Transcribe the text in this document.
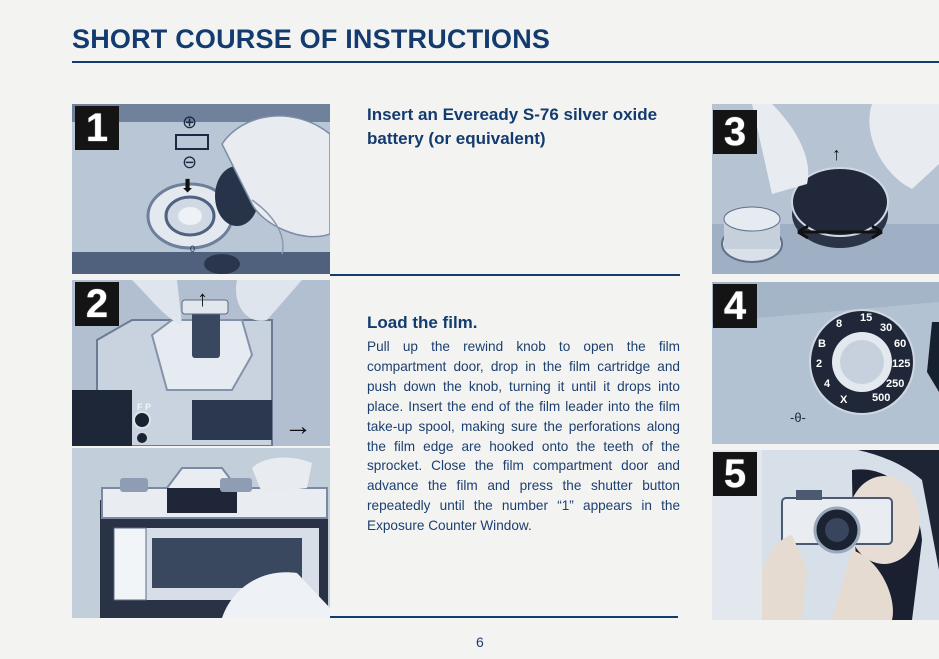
SHORT COURSE OF INSTRUCTIONS
⊕
⊖
⬇
0
1
↑
F P
2
→
Insert an Eveready S-76 silver oxide battery (or equivalent)
Load the film.
Pull up the rewind knob to open the film compartment door, drop in the film cartridge and push down the knob, turning it until it drops into place. Insert the end of the film leader into the film take-up spool, making sure the perforations along the film edge are hooked onto the teeth of the sprocket. Close the film compartment door and advance the film and press the shutter button repeatedly until the number “1” appears in the Exposure Counter Window.
↑
3
8 15
30
60
125
250
500
B
2
4
X
-θ-
4
5
6
